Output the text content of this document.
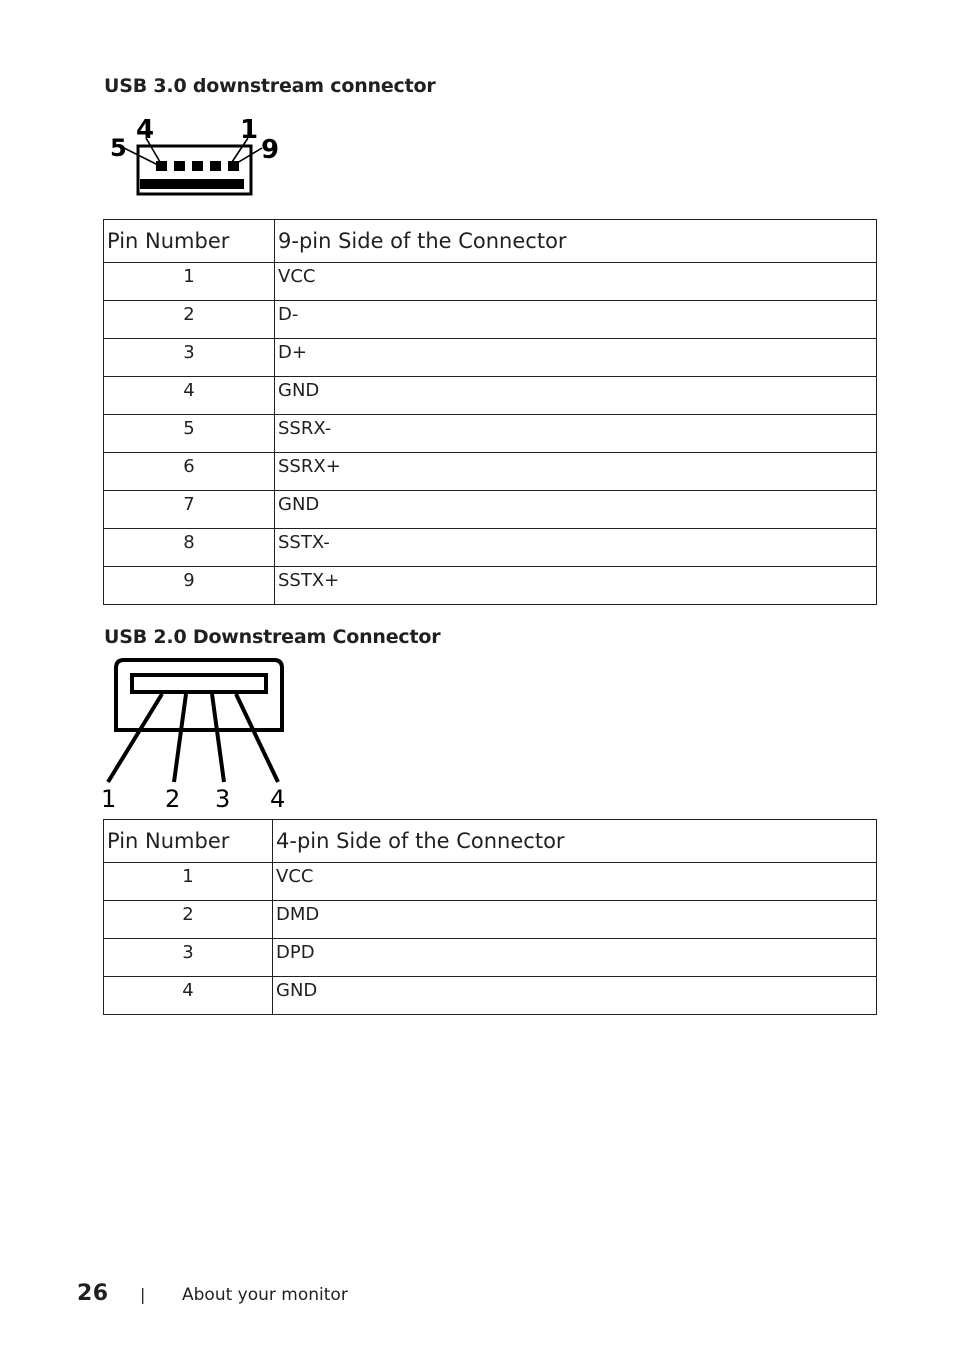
USB 3.0 downstream connector
5
4	1
9
Pin Number	9-pin Side of the Connector
1	VCC
2	D-
3	D+
4	GND
5	SSRX-
6	SSRX+
7	GND
8	SSTX-
9	SSTX+
USB 2.0 Downstream Connector
1 2 3 4
Pin Number	4-pin Side of the Connector
1	VCC
2	DMD
3	DPD
4	GND
26 | About your monitor
